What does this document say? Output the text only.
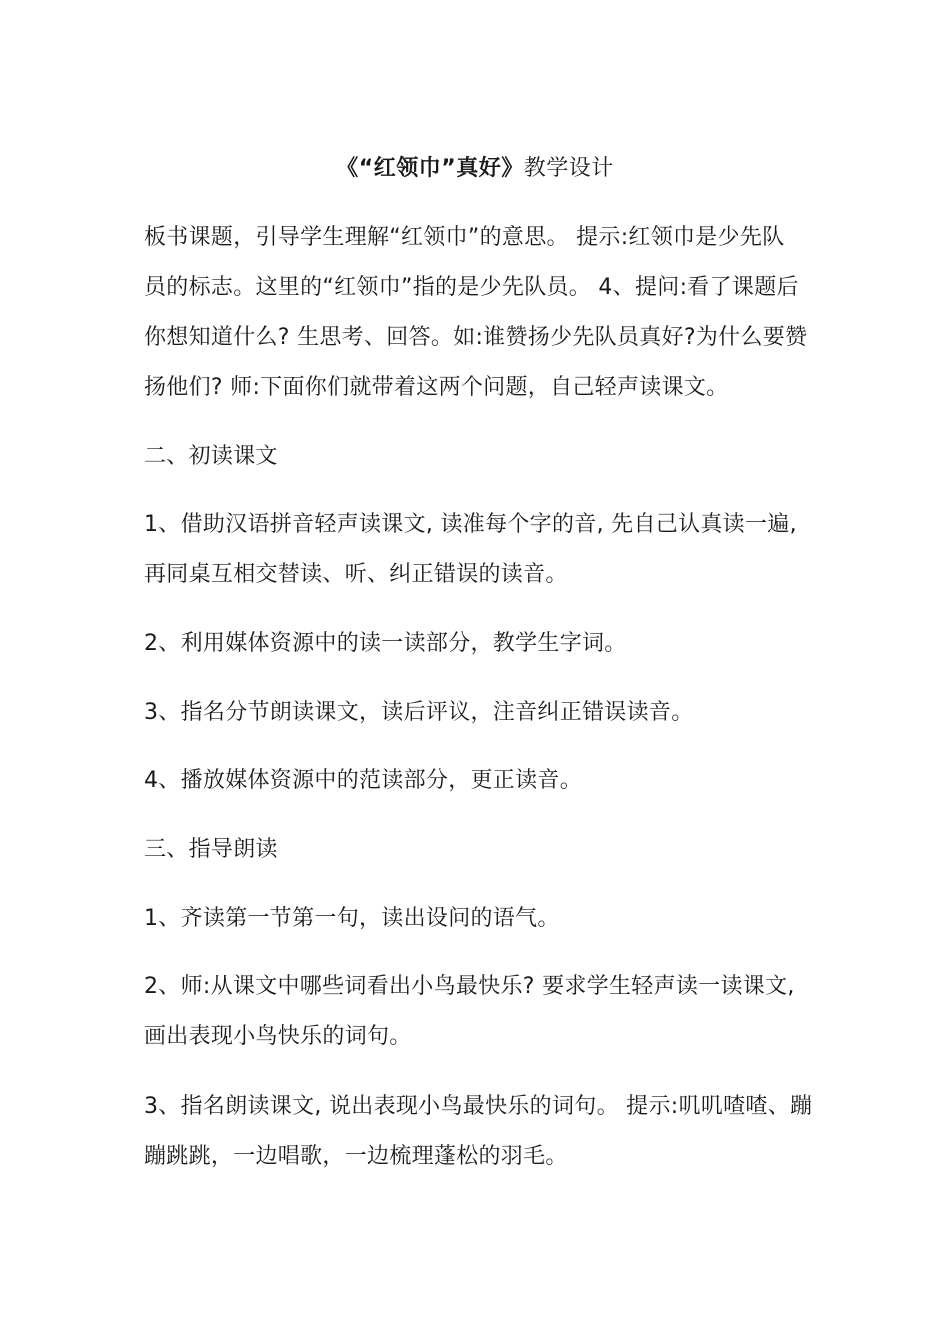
《“红领巾”真好》教学设计

板书课题，引导学生理解“红领巾”的意思。 提示:红领巾是少先队
员的标志。这里的“红领巾”指的是少先队员。 4、提问:看了课题后
你想知道什么? 生思考、回答。如:谁赞扬少先队员真好?为什么要赞
扬他们? 师:下面你们就带着这两个问题，自己轻声读课文。

二、初读课文

1、借助汉语拼音轻声读课文, 读准每个字的音, 先自己认真读一遍,
再同桌互相交替读、听、纠正错误的读音。

2、利用媒体资源中的读一读部分，教学生字词。

3、指名分节朗读课文，读后评议，注音纠正错误读音。

4、播放媒体资源中的范读部分，更正读音。

三、指导朗读

1、齐读第一节第一句，读出设问的语气。

2、师:从课文中哪些词看出小鸟最快乐? 要求学生轻声读一读课文,
画出表现小鸟快乐的词句。

3、指名朗读课文, 说出表现小鸟最快乐的词句。 提示:叽叽喳喳、蹦
蹦跳跳，一边唱歌，一边梳理蓬松的羽毛。
